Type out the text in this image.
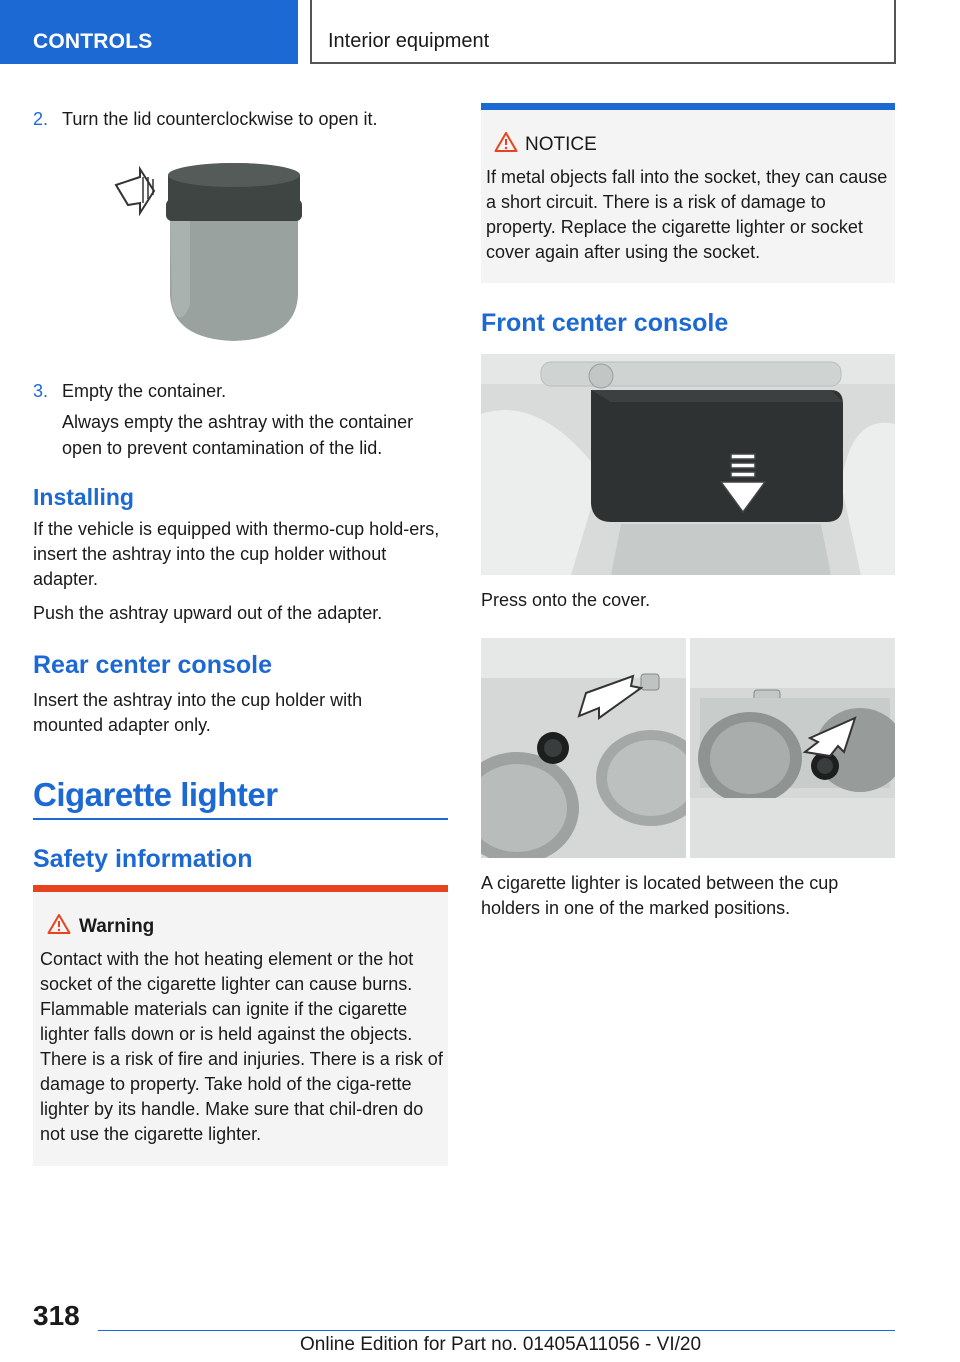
CONTROLS	Interior equipment
2. Turn the lid counterclockwise to open it.
3. Empty the container.
Always empty the ashtray with the container open to prevent contamination of the lid.
Installing
If the vehicle is equipped with thermo-cup hold-ers, insert the ashtray into the cup holder without adapter.
Push the ashtray upward out of the adapter.
Rear center console
Insert the ashtray into the cup holder with mounted adapter only.
Cigarette lighter
Safety information
Warning
Contact with the hot heating element or the hot socket of the cigarette lighter can cause burns. Flammable materials can ignite if the cigarette lighter falls down or is held against the objects. There is a risk of fire and injuries. There is a risk of damage to property. Take hold of the ciga-rette lighter by its handle. Make sure that chil-dren do not use the cigarette lighter.
NOTICE
If metal objects fall into the socket, they can cause a short circuit. There is a risk of damage to property. Replace the cigarette lighter or socket cover again after using the socket.
Front center console
Press onto the cover.
A cigarette lighter is located between the cup holders in one of the marked positions.
318
Online Edition for Part no. 01405A11056 - VI/20
